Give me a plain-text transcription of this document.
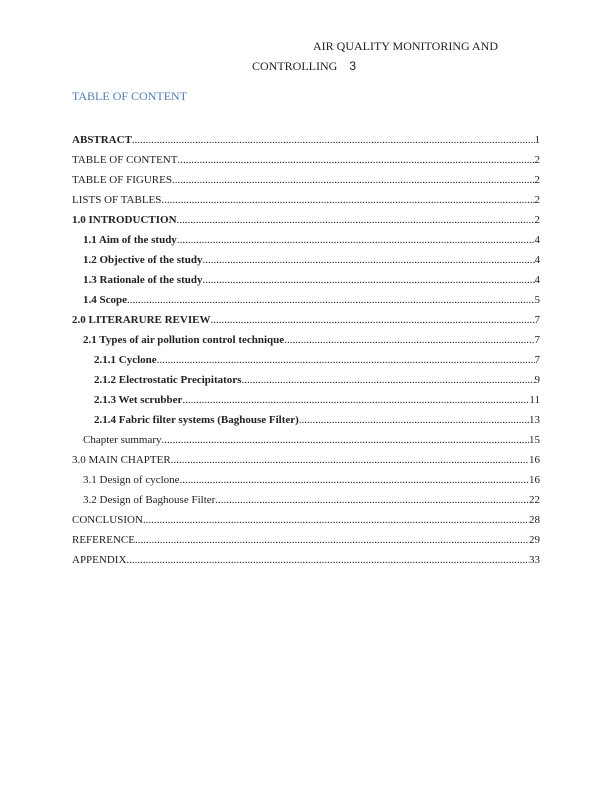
AIR QUALITY MONITORING AND
CONTROLLING 3
TABLE OF CONTENT
ABSTRACT .....	1
TABLE OF CONTENT .....	2
TABLE OF FIGURES .....	2
LISTS OF TABLES .....	2
1.0 INTRODUCTION .....	2
1.1 Aim of the study .....	4
1.2 Objective of the study .....	4
1.3 Rationale of the study .....	4
1.4 Scope .....	5
2.0 LITERARURE REVIEW .....	7
2.1 Types of air pollution control technique .....	7
2.1.1 Cyclone .....	7
2.1.2 Electrostatic Precipitators .....	9
2.1.3 Wet scrubber .....	11
2.1.4 Fabric filter systems (Baghouse Filter) .....	13
Chapter summary .....	15
3.0 MAIN CHAPTER .....	16
3.1 Design of cyclone .....	16
3.2 Design of Baghouse Filter .....	22
CONCLUSION .....	28
REFERENCE .....	29
APPENDIX .....	33
